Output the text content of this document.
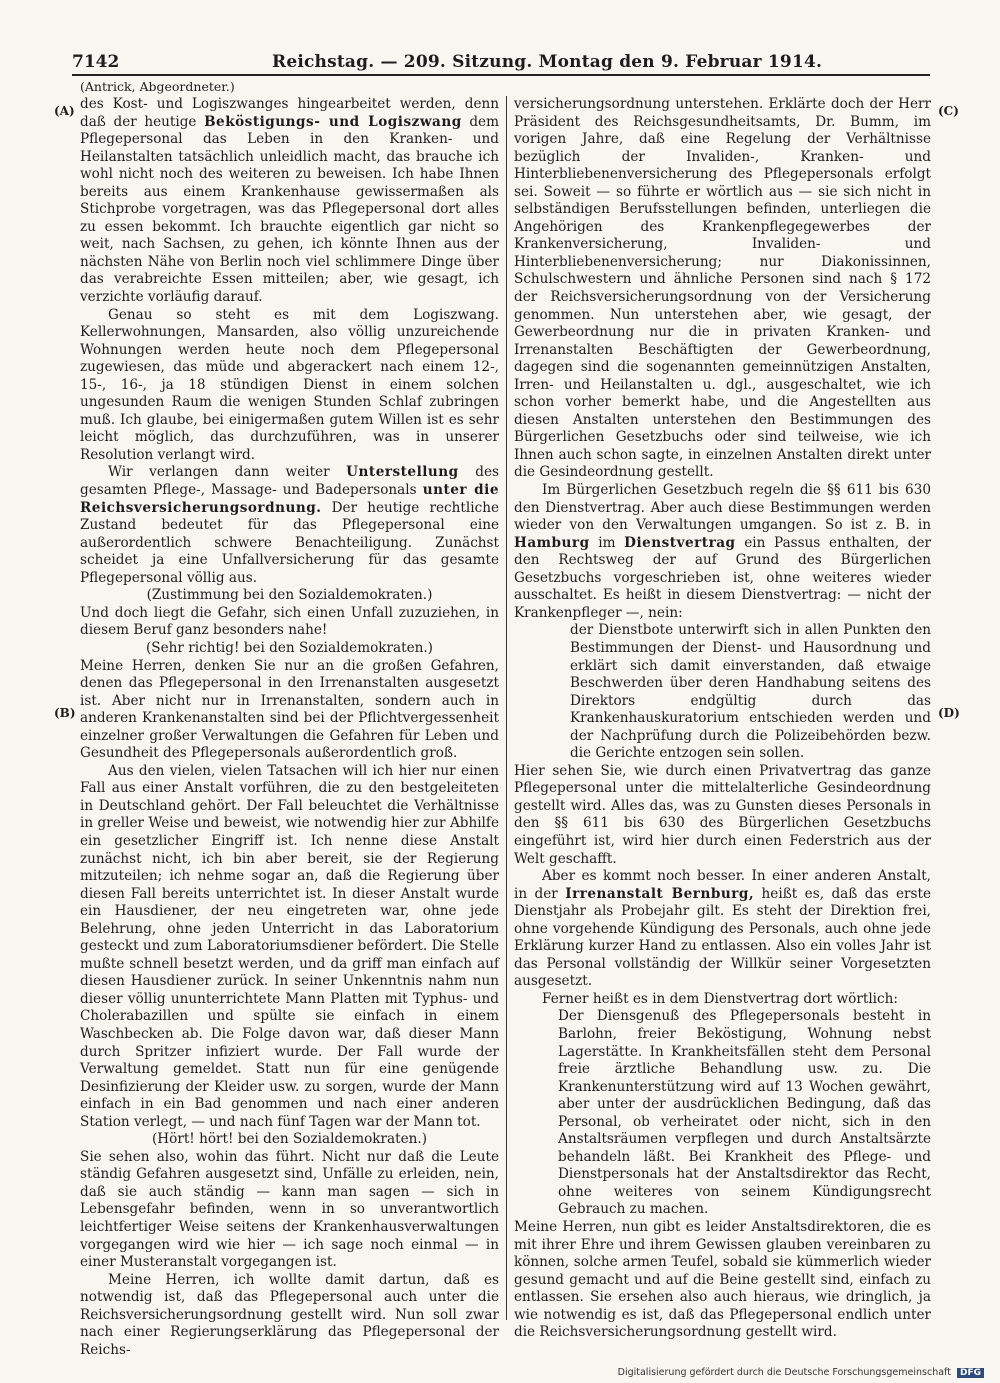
7142	Reichstag. — 209. Sitzung. Montag den 9. Februar 1914.
(Antrick, Abgeordneter.)
(A)
(B)
(C)
(D)

des Kost- und Logiszwanges hingearbeitet werden, denn daß der heutige Beköstigungs- und Logiszwang dem Pflegepersonal das Leben in den Kranken- und Heilanstalten tatsächlich unleidlich macht, das brauche ich wohl nicht noch des weiteren zu beweisen. Ich habe Ihnen bereits aus einem Krankenhause gewissermaßen als Stichprobe vorgetragen, was das Pflegepersonal dort alles zu essen bekommt. Ich brauchte eigentlich gar nicht so weit, nach Sachsen, zu gehen, ich könnte Ihnen aus der nächsten Nähe von Berlin noch viel schlimmere Dinge über das verabreichte Essen mitteilen; aber, wie gesagt, ich verzichte vorläufig darauf.

Genau so steht es mit dem Logiszwang. Kellerwohnungen, Mansarden, also völlig unzureichende Wohnungen werden heute noch dem Pflegepersonal zugewiesen, das müde und abgerackert nach einem 12-, 15-, 16-, ja 18 stündigen Dienst in einem solchen ungesunden Raum die wenigen Stunden Schlaf zubringen muß. Ich glaube, bei einigermaßen gutem Willen ist es sehr leicht möglich, das durchzuführen, was in unserer Resolution verlangt wird.

Wir verlangen dann weiter Unterstellung des gesamten Pflege-, Massage- und Badepersonals unter die Reichsversicherungsordnung. Der heutige rechtliche Zustand bedeutet für das Pflegepersonal eine außerordentlich schwere Benachteiligung. Zunächst scheidet ja eine Unfallversicherung für das gesamte Pflegepersonal völlig aus.

(Zustimmung bei den Sozialdemokraten.)

Und doch liegt die Gefahr, sich einen Unfall zuzuziehen, in diesem Beruf ganz besonders nahe!

(Sehr richtig! bei den Sozialdemokraten.)

Meine Herren, denken Sie nur an die großen Gefahren, denen das Pflegepersonal in den Irrenanstalten ausgesetzt ist. Aber nicht nur in Irrenanstalten, sondern auch in anderen Krankenanstalten sind bei der Pflichtvergessenheit einzelner großer Verwaltungen die Gefahren für Leben und Gesundheit des Pflegepersonals außerordentlich groß.

Aus den vielen, vielen Tatsachen will ich hier nur einen Fall aus einer Anstalt vorführen, die zu den bestgeleiteten in Deutschland gehört. Der Fall beleuchtet die Verhältnisse in greller Weise und beweist, wie notwendig hier zur Abhilfe ein gesetzlicher Eingriff ist. Ich nenne diese Anstalt zunächst nicht, ich bin aber bereit, sie der Regierung mitzuteilen; ich nehme sogar an, daß die Regierung über diesen Fall bereits unterrichtet ist. In dieser Anstalt wurde ein Hausdiener, der neu eingetreten war, ohne jede Belehrung, ohne jeden Unterricht in das Laboratorium gesteckt und zum Laboratoriumsdiener befördert. Die Stelle mußte schnell besetzt werden, und da griff man einfach auf diesen Hausdiener zurück. In seiner Unkenntnis nahm nun dieser völlig ununterrichtete Mann Platten mit Typhus- und Cholerabazillen und spülte sie einfach in einem Waschbecken ab. Die Folge davon war, daß dieser Mann durch Spritzer infiziert wurde. Der Fall wurde der Verwaltung gemeldet. Statt nun für eine genügende Desinfizierung der Kleider usw. zu sorgen, wurde der Mann einfach in ein Bad genommen und nach einer anderen Station verlegt, — und nach fünf Tagen war der Mann tot.

(Hört! hört! bei den Sozialdemokraten.)

Sie sehen also, wohin das führt. Nicht nur daß die Leute ständig Gefahren ausgesetzt sind, Unfälle zu erleiden, nein, daß sie auch ständig — kann man sagen — sich in Lebensgefahr befinden, wenn in so unverantwortlich leichtfertiger Weise seitens der Krankenhausverwaltungen vorgegangen wird wie hier — ich sage noch einmal — in einer Musteranstalt vorgegangen ist.

Meine Herren, ich wollte damit dartun, daß es notwendig ist, daß das Pflegepersonal auch unter die Reichsversicherungsordnung gestellt wird. Nun soll zwar nach einer Regierungserklärung das Pflegepersonal der Reichs-

versicherungsordnung unterstehen. Erklärte doch der Herr Präsident des Reichsgesundheitsamts, Dr. Bumm, im vorigen Jahre, daß eine Regelung der Verhältnisse bezüglich der Invaliden-, Kranken- und Hinterbliebenenversicherung des Pflegepersonals erfolgt sei. Soweit — so führte er wörtlich aus — sie sich nicht in selbständigen Berufsstellungen befinden, unterliegen die Angehörigen des Krankenpflegegewerbes der Krankenversicherung, Invaliden- und Hinterbliebenenversicherung; nur Diakonissinnen, Schulschwestern und ähnliche Personen sind nach § 172 der Reichsversicherungsordnung von der Versicherung genommen. Nun unterstehen aber, wie gesagt, der Gewerbeordnung nur die in privaten Kranken- und Irrenanstalten Beschäftigten der Gewerbeordnung, dagegen sind die sogenannten gemeinnützigen Anstalten, Irren- und Heilanstalten u. dgl., ausgeschaltet, wie ich schon vorher bemerkt habe, und die Angestellten aus diesen Anstalten unterstehen den Bestimmungen des Bürgerlichen Gesetzbuchs oder sind teilweise, wie ich Ihnen auch schon sagte, in einzelnen Anstalten direkt unter die Gesindeordnung gestellt.

Im Bürgerlichen Gesetzbuch regeln die §§ 611 bis 630 den Dienstvertrag. Aber auch diese Bestimmungen werden wieder von den Verwaltungen umgangen. So ist z. B. in Hamburg im Dienstvertrag ein Passus enthalten, der den Rechtsweg der auf Grund des Bürgerlichen Gesetzbuchs vorgeschrieben ist, ohne weiteres wieder ausschaltet. Es heißt in diesem Dienstvertrag: — nicht der Krankenpfleger —, nein:

der Dienstbote unterwirft sich in allen Punkten den Bestimmungen der Dienst- und Hausordnung und erklärt sich damit einverstanden, daß etwaige Beschwerden über deren Handhabung seitens des Direktors endgültig durch das Krankenhauskuratorium entschieden werden und der Nachprüfung durch die Polizeibehörden bezw. die Gerichte entzogen sein sollen.

Hier sehen Sie, wie durch einen Privatvertrag das ganze Pflegepersonal unter die mittelalterliche Gesindeordnung gestellt wird. Alles das, was zu Gunsten dieses Personals in den §§ 611 bis 630 des Bürgerlichen Gesetzbuchs eingeführt ist, wird hier durch einen Federstrich aus der Welt geschafft.

Aber es kommt noch besser. In einer anderen Anstalt, in der Irrenanstalt Bernburg, heißt es, daß das erste Dienstjahr als Probejahr gilt. Es steht der Direktion frei, ohne vorgehende Kündigung des Personals, auch ohne jede Erklärung kurzer Hand zu entlassen. Also ein volles Jahr ist das Personal vollständig der Willkür seiner Vorgesetzten ausgesetzt.

Ferner heißt es in dem Dienstvertrag dort wörtlich:

Der Diensgenuß des Pflegepersonals besteht in Barlohn, freier Beköstigung, Wohnung nebst Lagerstätte. In Krankheitsfällen steht dem Personal freie ärztliche Behandlung usw. zu. Die Krankenunterstützung wird auf 13 Wochen gewährt, aber unter der ausdrücklichen Bedingung, daß das Personal, ob verheiratet oder nicht, sich in den Anstaltsräumen verpflegen und durch Anstaltsärzte behandeln läßt. Bei Krankheit des Pflege- und Dienstpersonals hat der Anstaltsdirektor das Recht, ohne weiteres von seinem Kündigungsrecht Gebrauch zu machen.

Meine Herren, nun gibt es leider Anstaltsdirektoren, die es mit ihrer Ehre und ihrem Gewissen glauben vereinbaren zu können, solche armen Teufel, sobald sie kümmerlich wieder gesund gemacht und auf die Beine gestellt sind, einfach zu entlassen. Sie ersehen also auch hieraus, wie dringlich, ja wie notwendig es ist, daß das Pflegepersonal endlich unter die Reichsversicherungsordnung gestellt wird.

Digitalisierung gefördert durch die Deutsche Forschungsgemeinschaft DFG
